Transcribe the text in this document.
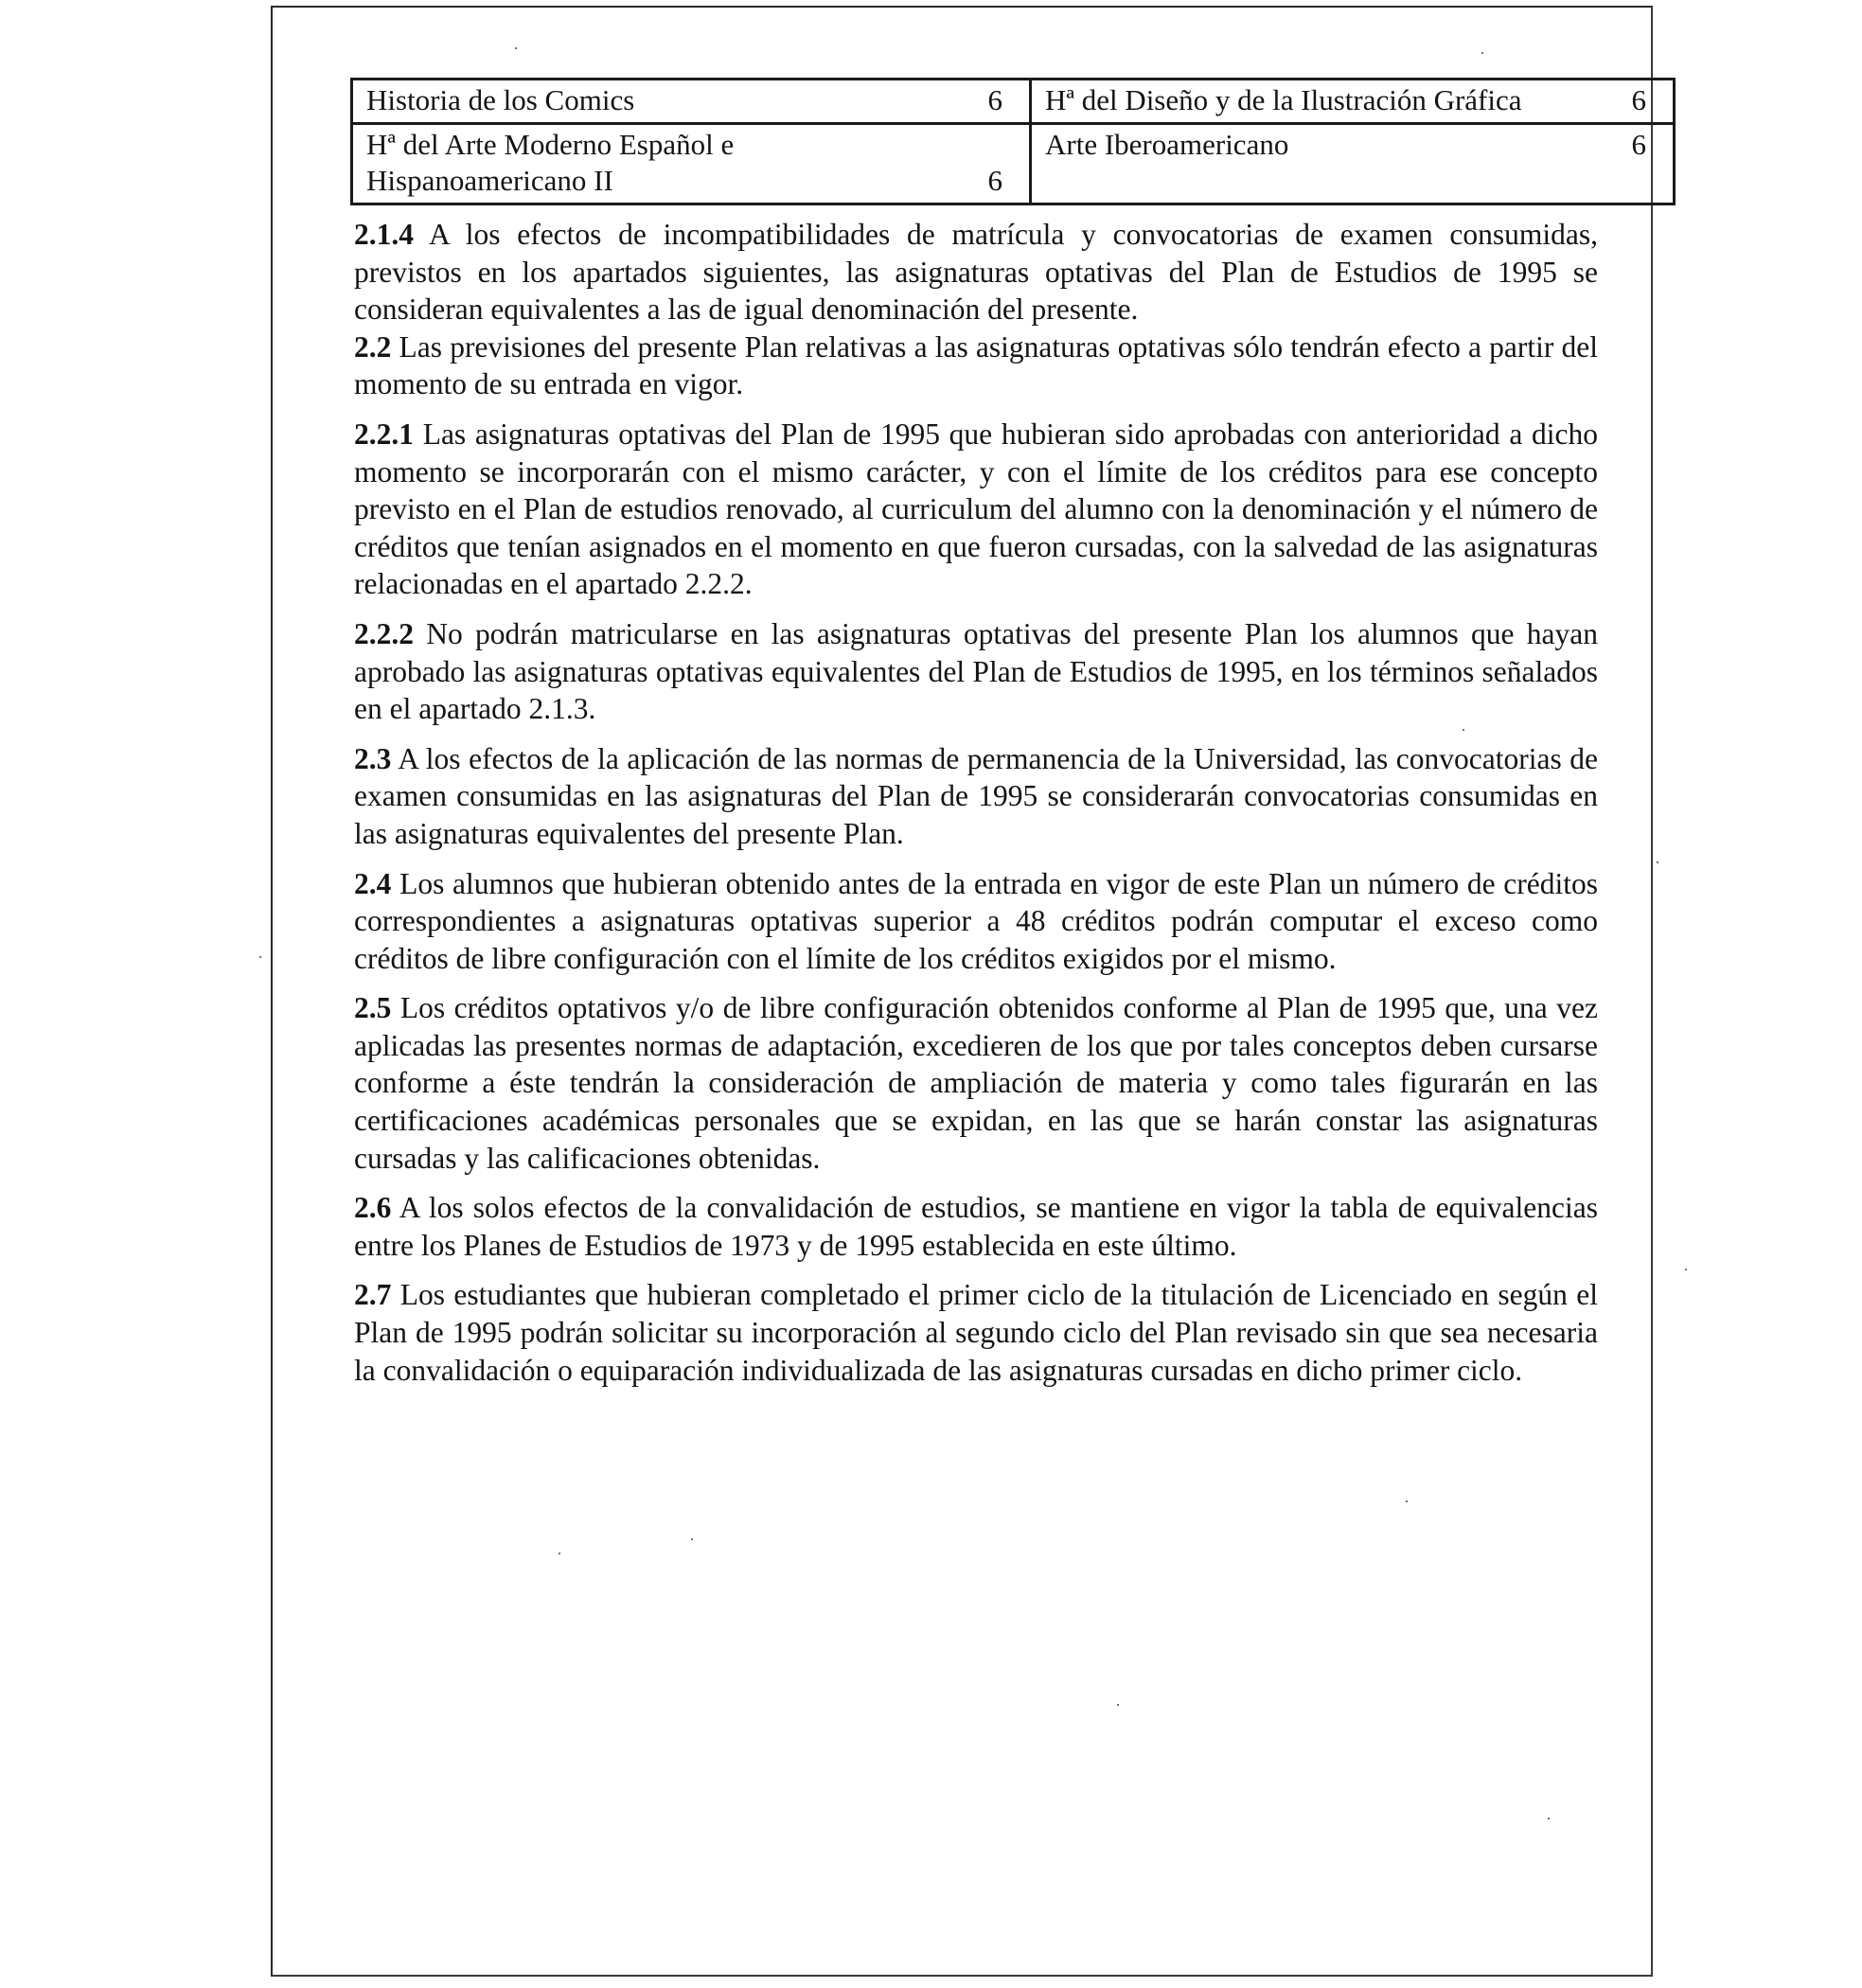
Historia de los Comics 6	Hª del Diseño y de la Ilustración Gráfica 6

Hª del Arte Moderno Español e
Hispanoamericano II 6	Arte Iberoamericano 6

2.1.4 A los efectos de incompatibilidades de matrícula y convocatorias de examen consumidas, previstos en los apartados siguientes, las asignaturas optativas del Plan de Estudios de 1995 se consideran equivalentes a las de igual denominación del presente.

2.2 Las previsiones del presente Plan relativas a las asignaturas optativas sólo tendrán efecto a partir del momento de su entrada en vigor.

2.2.1 Las asignaturas optativas del Plan de 1995 que hubieran sido aprobadas con anterioridad a dicho momento se incorporarán con el mismo carácter, y con el límite de los créditos para ese concepto previsto en el Plan de estudios renovado, al curriculum del alumno con la denominación y el número de créditos que tenían asignados en el momento en que fueron cursadas, con la salvedad de las asignaturas relacionadas en el apartado 2.2.2.

2.2.2 No podrán matricularse en las asignaturas optativas del presente Plan los alumnos que hayan aprobado las asignaturas optativas equivalentes del Plan de Estudios de 1995, en los términos señalados en el apartado 2.1.3.

2.3 A los efectos de la aplicación de las normas de permanencia de la Universidad, las convocatorias de examen consumidas en las asignaturas del Plan de 1995 se considerarán convocatorias consumidas en las asignaturas equivalentes del presente Plan.

2.4 Los alumnos que hubieran obtenido antes de la entrada en vigor de este Plan un número de créditos correspondientes a asignaturas optativas superior a 48 créditos podrán computar el exceso como créditos de libre configuración con el límite de los créditos exigidos por el mismo.

2.5 Los créditos optativos y/o de libre configuración obtenidos conforme al Plan de 1995 que, una vez aplicadas las presentes normas de adaptación, excedieren de los que por tales conceptos deben cursarse conforme a éste tendrán la consideración de ampliación de materia y como tales figurarán en las certificaciones académicas personales que se expidan, en las que se harán constar las asignaturas cursadas y las calificaciones obtenidas.

2.6 A los solos efectos de la convalidación de estudios, se mantiene en vigor la tabla de equivalencias entre los Planes de Estudios de 1973 y de 1995 establecida en este último.

2.7 Los estudiantes que hubieran completado el primer ciclo de la titulación de Licenciado en según el Plan de 1995 podrán solicitar su incorporación al segundo ciclo del Plan revisado sin que sea necesaria la convalidación o equiparación individualizada de las asignaturas cursadas en dicho primer ciclo.
